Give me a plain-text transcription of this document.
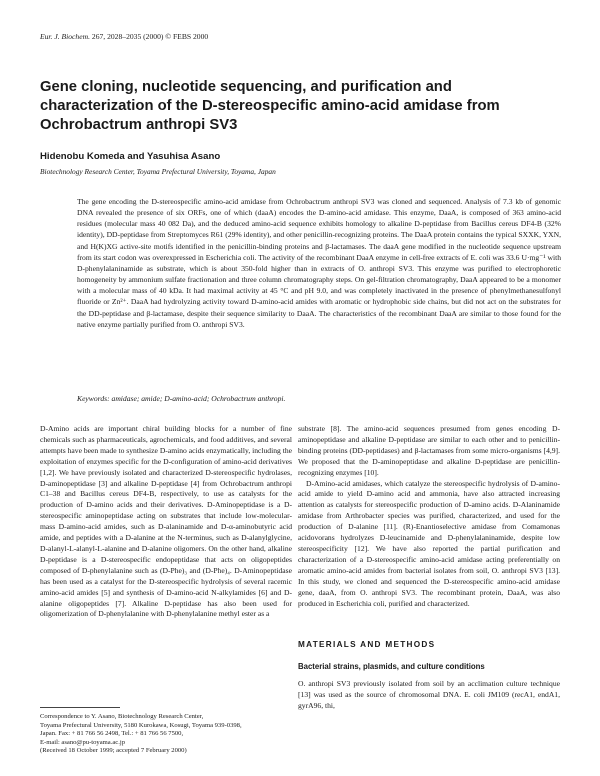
Eur. J. Biochem. 267, 2028–2035 (2000) © FEBS 2000
Gene cloning, nucleotide sequencing, and purification and
characterization of the D-stereospecific amino-acid amidase from
Ochrobactrum anthropi SV3
Hidenobu Komeda and Yasuhisa Asano
Biotechnology Research Center, Toyama Prefectural University, Toyama, Japan

The gene encoding the D-stereospecific amino-acid amidase from Ochrobactrum anthropi SV3 was cloned and sequenced. Analysis of 7.3 kb of genomic DNA revealed the presence of six ORFs, one of which (daaA) encodes the D-amino-acid amidase. This enzyme, DaaA, is composed of 363 amino-acid residues (molecular mass 40 082 Da), and the deduced amino-acid sequence exhibits homology to alkaline D-peptidase from Bacillus cereus DF4-B (32% identity), DD-peptidase from Streptomyces R61 (29% identity), and other penicillin-recognizing proteins. The DaaA protein contains the typical SXXK, YXN, and H(K)XG active-site motifs identified in the penicillin-binding proteins and β-lactamases. The daaA gene modified in the nucleotide sequence upstream from its start codon was overexpressed in Escherichia coli. The activity of the recombinant DaaA enzyme in cell-free extracts of E. coli was 33.6 U·mg⁻¹ with D-phenylalaninamide as substrate, which is about 350-fold higher than in extracts of O. anthropi SV3. This enzyme was purified to electrophoretic homogeneity by ammonium sulfate fractionation and three column chromatography steps. On gel-filtration chromatography, DaaA appeared to be a monomer with a molecular mass of 40 kDa. It had maximal activity at 45 °C and pH 9.0, and was completely inactivated in the presence of phenylmethanesulfonyl fluoride or Zn²⁺. DaaA had hydrolyzing activity toward D-amino-acid amides with aromatic or hydrophobic side chains, but did not act on the substrates for the DD-peptidase and β-lactamase, despite their sequence similarity to DaaA. The characteristics of the recombinant DaaA are similar to those found for the native enzyme partially purified from O. anthropi SV3.

Keywords: amidase; amide; D-amino-acid; Ochrobactrum anthropi.

D-Amino acids are important chiral building blocks for a number of fine chemicals such as pharmaceuticals, agrochemicals, and food additives, and several attempts have been made to synthesize D-amino acids enzymatically, including the exploitation of enzymes specific for the D-configuration of amino-acid derivatives [1,2]. We have previously isolated and characterized D-stereospecific hydrolases, D-aminopeptidase [3] and alkaline D-peptidase [4] from Ochrobactrum anthropi C1–38 and Bacillus cereus DF4-B, respectively, to use as catalysts for the production of D-amino acids and their derivatives. D-Aminopeptidase is a D-stereospecific aminopeptidase acting on substrates that include low-molecular-mass D-amino-acid amides, such as D-alaninamide and D-α-aminobutyric acid amide, and peptides with a D-alanine at the N-terminus, such as D-alanylglycine, D-alanyl-L-alanyl-L-alanine and D-alanine oligomers. On the other hand, alkaline D-peptidase is a D-stereospecific endopeptidase that acts on oligopeptides composed of D-phenylalanine such as (D-Phe)₃ and (D-Phe)₄. D-Aminopeptidase has been used as a catalyst for the D-stereospecific hydrolysis of several racemic amino-acid amides [5] and synthesis of D-amino-acid N-alkylamides [6] and D-alanine oligopeptides [7]. Alkaline D-peptidase has also been used for oligomerization of D-phenylalanine with D-phenylalanine methyl ester as a

Correspondence to Y. Asano, Biotechnology Research Center,
Toyama Prefectural University, 5180 Kurokawa, Kosugi, Toyama 939-0398,
Japan. Fax: + 81 766 56 2498, Tel.: + 81 766 56 7500,
E-mail: asano@pu-toyama.ac.jp
(Received 18 October 1999; accepted 7 February 2000)

substrate [8]. The amino-acid sequences presumed from genes encoding D-aminopeptidase and alkaline D-peptidase are similar to each other and to penicillin-binding proteins (DD-peptidases) and β-lactamases from some micro-organisms [4,9]. We proposed that the D-aminopeptidase and alkaline D-peptidase are penicillin-recognizing enzymes [10].

D-Amino-acid amidases, which catalyze the stereospecific hydrolysis of D-amino-acid amide to yield D-amino acid and ammonia, have also attracted increasing attention as catalysts for stereospecific production of D-amino acids. D-Alaninamide amidase from Arthrobacter species was purified, characterized, and used for the production of D-alanine [11]. (R)-Enantioselective amidase from Comamonas acidovorans hydrolyzes D-leucinamide and D-phenylalaninamide, despite low stereospecificity [12]. We have also reported the partial purification and characterization of a D-stereospecific amino-acid amidase acting preferentially on aromatic amino-acid amides from bacterial isolates from soil, O. anthropi SV3 [13]. In this study, we cloned and sequenced the D-stereospecific amino-acid amidase gene, daaA, from O. anthropi SV3. The recombinant protein, DaaA, was also produced in Escherichia coli, purified and characterized.

MATERIALS AND METHODS
Bacterial strains, plasmids, and culture conditions

O. anthropi SV3 previously isolated from soil by an acclimation culture technique [13] was used as the source of chromosomal DNA. E. coli JM109 (recA1, endA1, gyrA96, thi,
